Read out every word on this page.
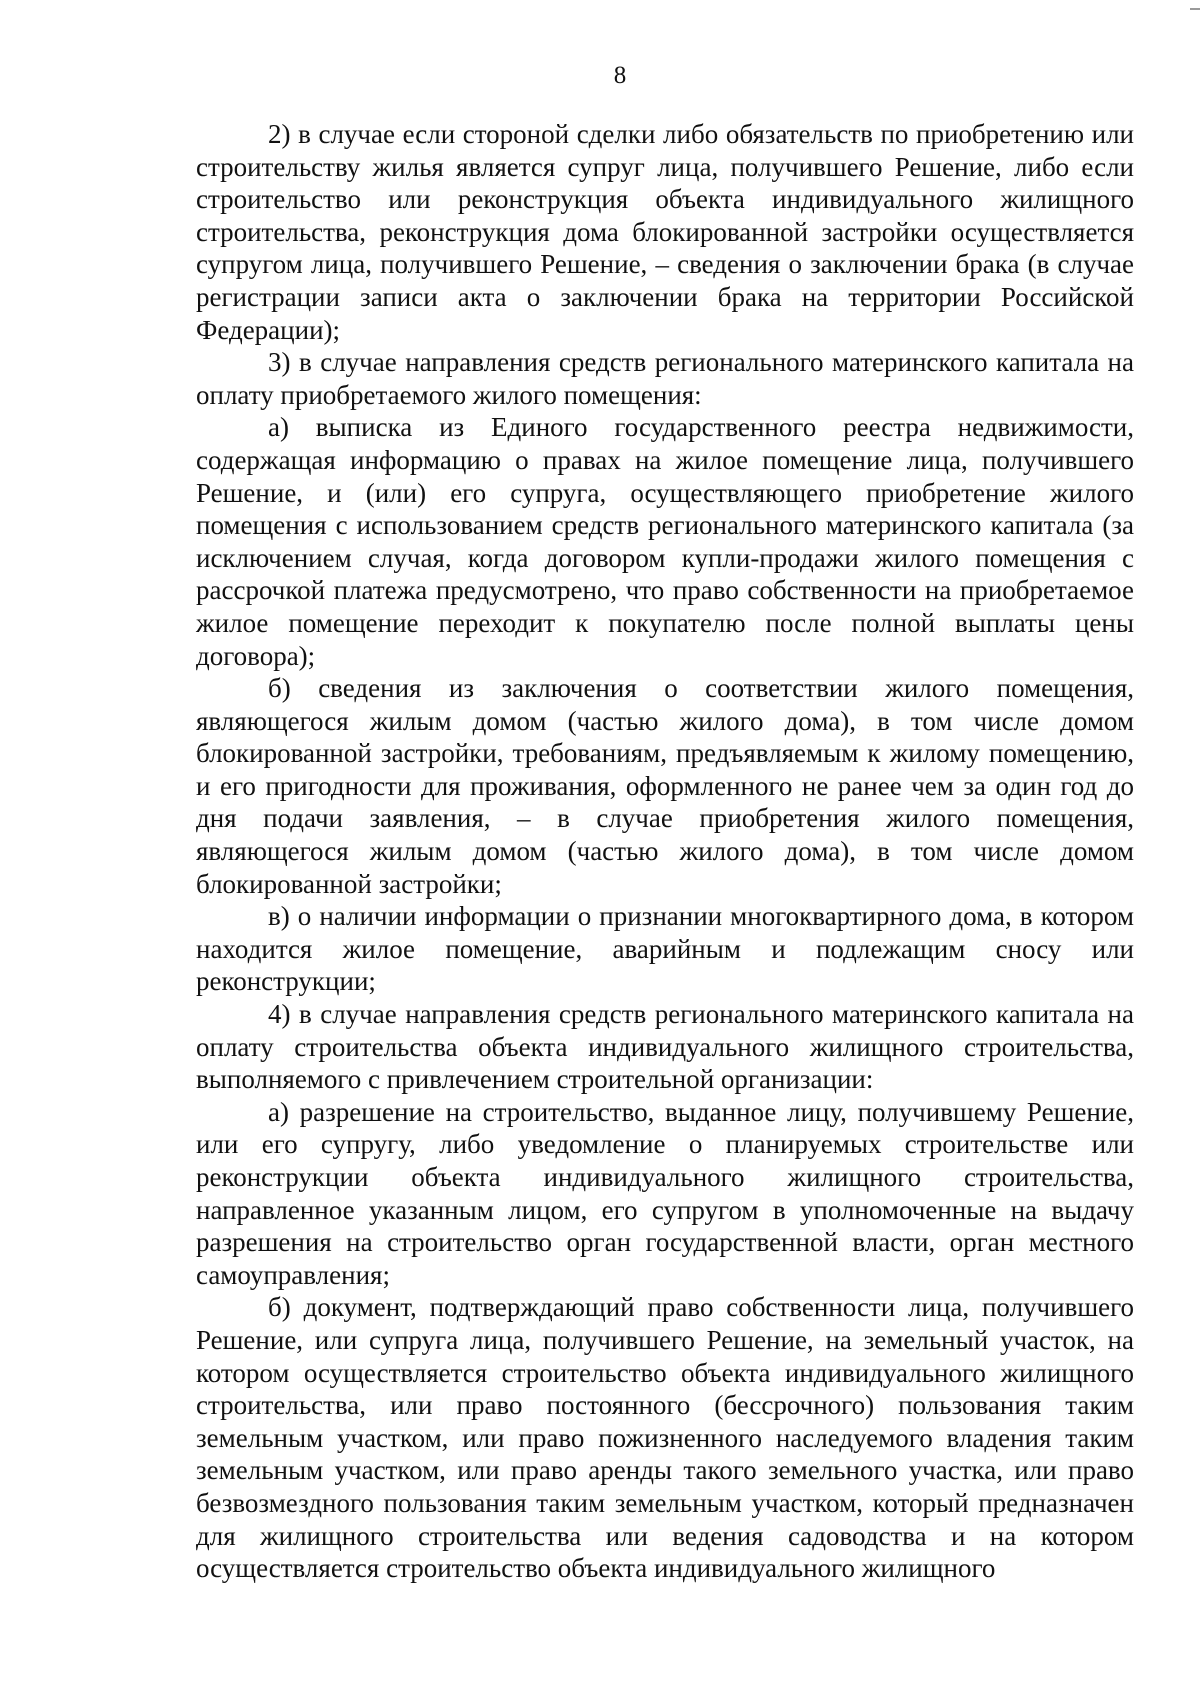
8

2) в случае если стороной сделки либо обязательств по приобретению или строительству жилья является супруг лица, получившего Решение, либо если строительство или реконструкция объекта индивидуального жилищного строительства, реконструкция дома блокированной застройки осуществляется супругом лица, получившего Решение, – сведения о заключении брака (в случае регистрации записи акта о заключении брака на территории Российской Федерации);

3) в случае направления средств регионального материнского капитала на оплату приобретаемого жилого помещения:

а) выписка из Единого государственного реестра недвижимости, содержащая информацию о правах на жилое помещение лица, получившего Решение, и (или) его супруга, осуществляющего приобретение жилого помещения с использованием средств регионального материнского капитала (за исключением случая, когда договором купли-продажи жилого помещения с рассрочкой платежа предусмотрено, что право собственности на приобретаемое жилое помещение переходит к покупателю после полной выплаты цены договора);

б) сведения из заключения о соответствии жилого помещения, являющегося жилым домом (частью жилого дома), в том числе домом блокированной застройки, требованиям, предъявляемым к жилому помещению, и его пригодности для проживания, оформленного не ранее чем за один год до дня подачи заявления, – в случае приобретения жилого помещения, являющегося жилым домом (частью жилого дома), в том числе домом блокированной застройки;

в) о наличии информации о признании многоквартирного дома, в котором находится жилое помещение, аварийным и подлежащим сносу или реконструкции;

4) в случае направления средств регионального материнского капитала на оплату строительства объекта индивидуального жилищного строительства, выполняемого с привлечением строительной организации:

а) разрешение на строительство, выданное лицу, получившему Решение, или его супругу, либо уведомление о планируемых строительстве или реконструкции объекта индивидуального жилищного строительства, направленное указанным лицом, его супругом в уполномоченные на выдачу разрешения на строительство орган государственной власти, орган местного самоуправления;

б) документ, подтверждающий право собственности лица, получившего Решение, или супруга лица, получившего Решение, на земельный участок, на котором осуществляется строительство объекта индивидуального жилищного строительства, или право постоянного (бессрочного) пользования таким земельным участком, или право пожизненного наследуемого владения таким земельным участком, или право аренды такого земельного участка, или право безвозмездного пользования таким земельным участком, который предназначен для жилищного строительства или ведения садоводства и на котором осуществляется строительство объекта индивидуального жилищного
